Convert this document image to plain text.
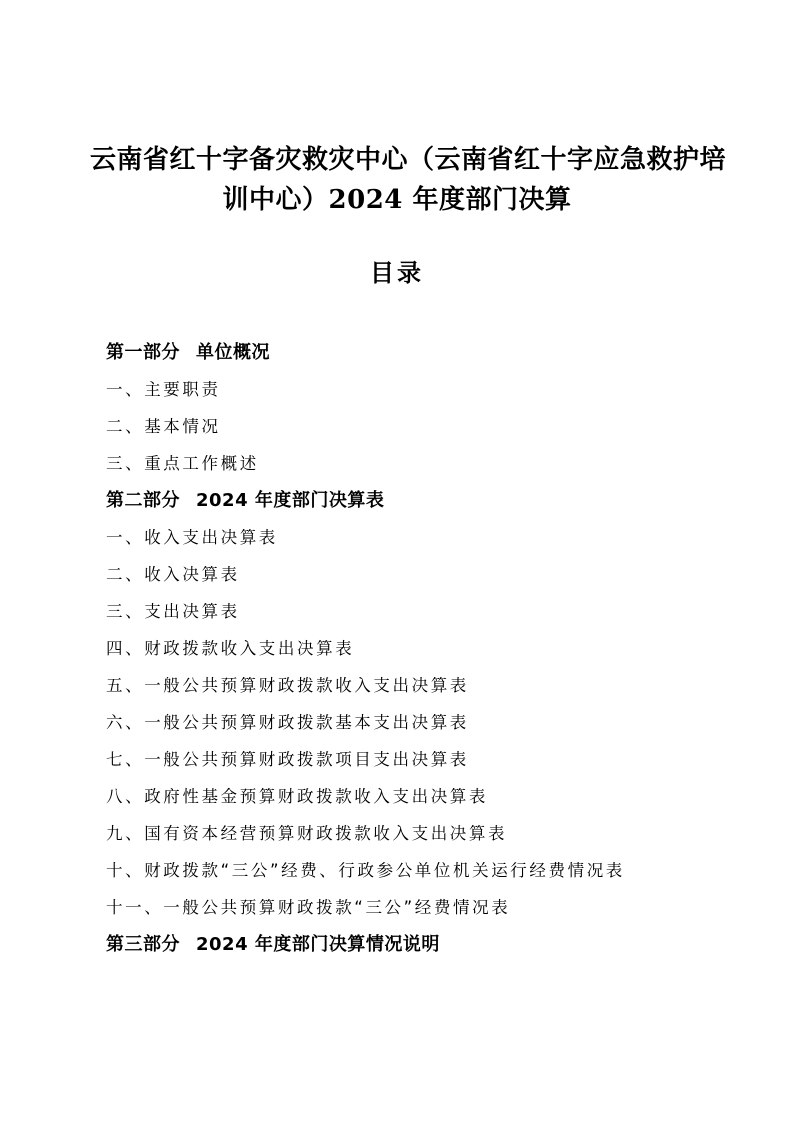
云南省红十字备灾救灾中心（云南省红十字应急救护培
训中心）2024 年度部门决算
目录
第一部分 单位概况
一、主要职责
二、基本情况
三、重点工作概述
第二部分 2024 年度部门决算表
一、收入支出决算表
二、收入决算表
三、支出决算表
四、财政拨款收入支出决算表
五、一般公共预算财政拨款收入支出决算表
六、一般公共预算财政拨款基本支出决算表
七、一般公共预算财政拨款项目支出决算表
八、政府性基金预算财政拨款收入支出决算表
九、国有资本经营预算财政拨款收入支出决算表
十、财政拨款“三公”经费、行政参公单位机关运行经费情况表
十一、一般公共预算财政拨款“三公”经费情况表
第三部分 2024 年度部门决算情况说明
